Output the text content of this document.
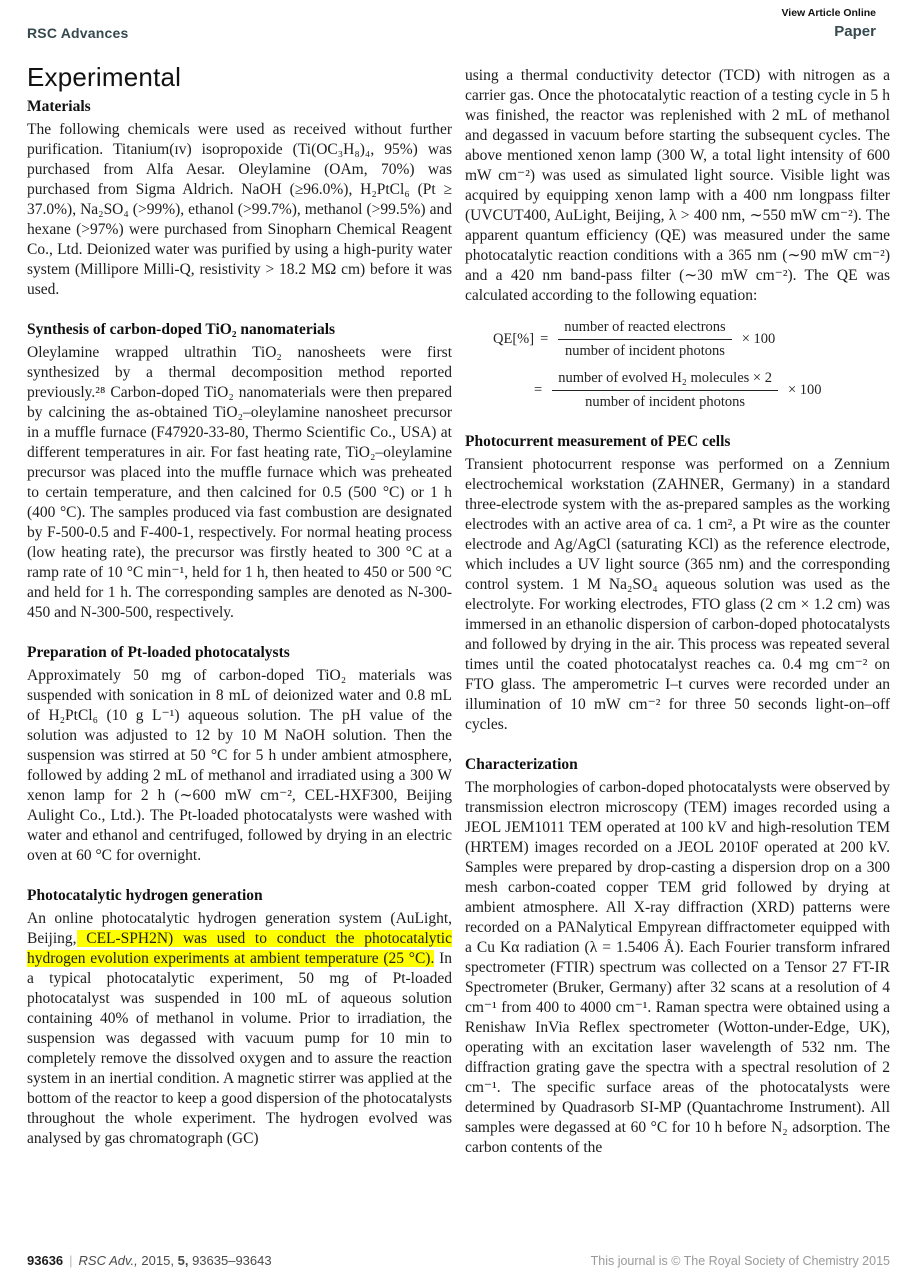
View Article Online
RSC Advances	Paper
Experimental
Materials

The following chemicals were used as received without further purification. Titanium(ɪᴠ) isopropoxide (Ti(OC₃H₈)₄, 95%) was purchased from Alfa Aesar. Oleylamine (OAm, 70%) was purchased from Sigma Aldrich. NaOH (≥96.0%), H₂PtCl₆ (Pt ≥ 37.0%), Na₂SO₄ (>99%), ethanol (>99.7%), methanol (>99.5%) and hexane (>97%) were purchased from Sinopharn Chemical Reagent Co., Ltd. Deionized water was purified by using a high-purity water system (Millipore Milli-Q, resistivity > 18.2 MΩ cm) before it was used.

Synthesis of carbon-doped TiO₂ nanomaterials

Oleylamine wrapped ultrathin TiO₂ nanosheets were first synthesized by a thermal decomposition method reported previously.²⁸ Carbon-doped TiO₂ nanomaterials were then prepared by calcining the as-obtained TiO₂–oleylamine nanosheet precursor in a muffle furnace (F47920-33-80, Thermo Scientific Co., USA) at different temperatures in air. For fast heating rate, TiO₂–oleylamine precursor was placed into the muffle furnace which was preheated to certain temperature, and then calcined for 0.5 (500 °C) or 1 h (400 °C). The samples produced via fast combustion are designated by F-500-0.5 and F-400-1, respectively. For normal heating process (low heating rate), the precursor was firstly heated to 300 °C at a ramp rate of 10 °C min⁻¹, held for 1 h, then heated to 450 or 500 °C and held for 1 h. The corresponding samples are denoted as N-300-450 and N-300-500, respectively.

Preparation of Pt-loaded photocatalysts

Approximately 50 mg of carbon-doped TiO₂ materials was suspended with sonication in 8 mL of deionized water and 0.8 mL of H₂PtCl₆ (10 g L⁻¹) aqueous solution. The pH value of the solution was adjusted to 12 by 10 M NaOH solution. Then the suspension was stirred at 50 °C for 5 h under ambient atmosphere, followed by adding 2 mL of methanol and irradiated using a 300 W xenon lamp for 2 h (∼600 mW cm⁻², CEL-HXF300, Beijing Aulight Co., Ltd.). The Pt-loaded photocatalysts were washed with water and ethanol and centrifuged, followed by drying in an electric oven at 60 °C for overnight.

Photocatalytic hydrogen generation

An online photocatalytic hydrogen generation system (AuLight, Beijing, CEL-SPH2N) was used to conduct the photocatalytic hydrogen evolution experiments at ambient temperature (25 °C). In a typical photocatalytic experiment, 50 mg of Pt-loaded photocatalyst was suspended in 100 mL of aqueous solution containing 40% of methanol in volume. Prior to irradiation, the suspension was degassed with vacuum pump for 10 min to completely remove the dissolved oxygen and to assure the reaction system in an inertial condition. A magnetic stirrer was applied at the bottom of the reactor to keep a good dispersion of the photocatalysts throughout the whole experiment. The hydrogen evolved was analysed by gas chromatograph (GC)

using a thermal conductivity detector (TCD) with nitrogen as a carrier gas. Once the photocatalytic reaction of a testing cycle in 5 h was finished, the reactor was replenished with 2 mL of methanol and degassed in vacuum before starting the subsequent cycles. The above mentioned xenon lamp (300 W, a total light intensity of 600 mW cm⁻²) was used as simulated light source. Visible light was acquired by equipping xenon lamp with a 400 nm longpass filter (UVCUT400, AuLight, Beijing, λ > 400 nm, ∼550 mW cm⁻²). The apparent quantum efficiency (QE) was measured under the same photocatalytic reaction conditions with a 365 nm (∼90 mW cm⁻²) and a 420 nm band-pass filter (∼30 mW cm⁻²). The QE was calculated according to the following equation:

$QE[\%] = \frac{\text{number of reacted electrons}}{\text{number of incident photons}} \times 100$
= $\frac{\text{number of evolved H₂ molecules × 2}}{\text{number of incident photons}} \times 100$
Photocurrent measurement of PEC cells

Transient photocurrent response was performed on a Zennium electrochemical workstation (ZAHNER, Germany) in a standard three-electrode system with the as-prepared samples as the working electrodes with an active area of ca. 1 cm², a Pt wire as the counter electrode and Ag/AgCl (saturating KCl) as the reference electrode, which includes a UV light source (365 nm) and the corresponding control system. 1 M Na₂SO₄ aqueous solution was used as the electrolyte. For working electrodes, FTO glass (2 cm × 1.2 cm) was immersed in an ethanolic dispersion of carbon-doped photocatalysts and followed by drying in the air. This process was repeated several times until the coated photocatalyst reaches ca. 0.4 mg cm⁻² on FTO glass. The amperometric I–t curves were recorded under an illumination of 10 mW cm⁻² for three 50 seconds light-on–off cycles.

Characterization

The morphologies of carbon-doped photocatalysts were observed by transmission electron microscopy (TEM) images recorded using a JEOL JEM1011 TEM operated at 100 kV and high-resolution TEM (HRTEM) images recorded on a JEOL 2010F operated at 200 kV. Samples were prepared by drop-casting a dispersion drop on a 300 mesh carbon-coated copper TEM grid followed by drying at ambient atmosphere. All X-ray diffraction (XRD) patterns were recorded on a PANalytical Empyrean diffractometer equipped with a Cu Kα radiation (λ = 1.5406 Å). Each Fourier transform infrared spectrometer (FTIR) spectrum was collected on a Tensor 27 FT-IR Spectrometer (Bruker, Germany) after 32 scans at a resolution of 4 cm⁻¹ from 400 to 4000 cm⁻¹. Raman spectra were obtained using a Renishaw InVia Reflex spectrometer (Wotton-under-Edge, UK), operating with an excitation laser wavelength of 532 nm. The diffraction grating gave the spectra with a spectral resolution of 2 cm⁻¹. The specific surface areas of the photocatalysts were determined by Quadrasorb SI-MP (Quantachrome Instrument). All samples were degassed at 60 °C for 10 h before N₂ adsorption. The carbon contents of the

93636 | RSC Adv., 2015, 5, 93635–93643	This journal is © The Royal Society of Chemistry 2015
